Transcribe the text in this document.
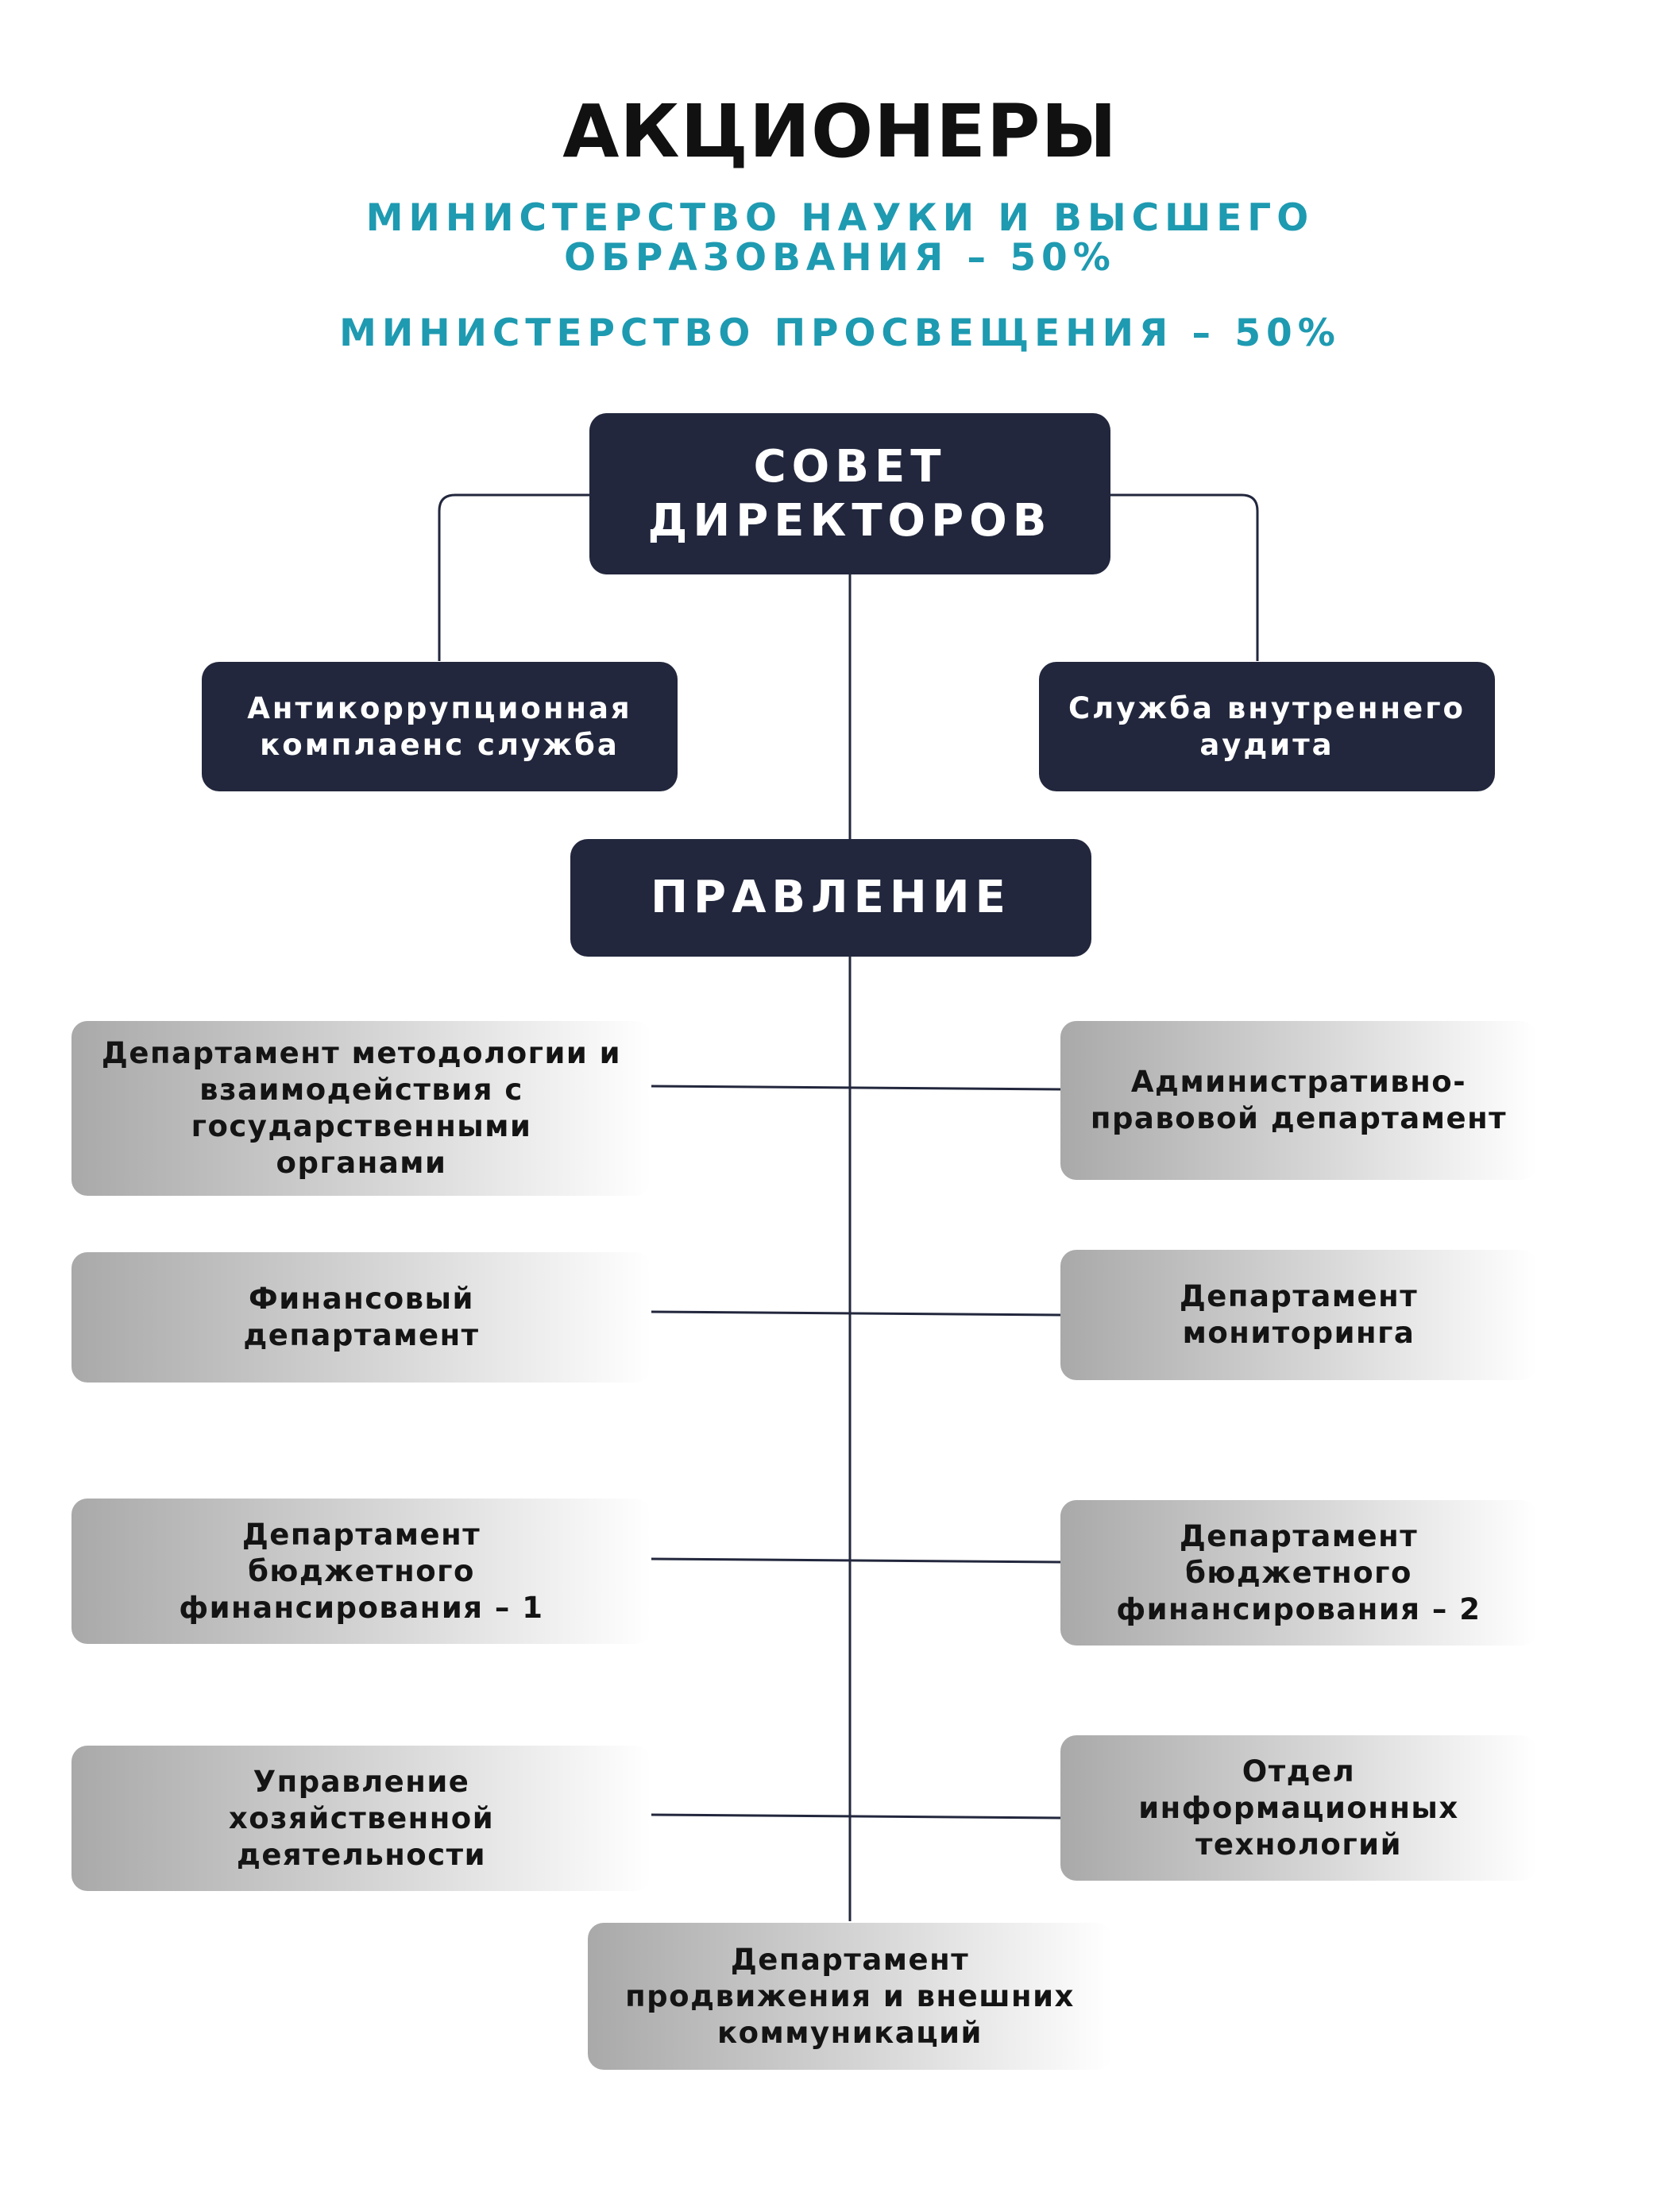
АКЦИОНЕРЫ
МИНИСТЕРСТВО НАУКИ И ВЫСШЕГО
ОБРАЗОВАНИЯ – 50%
МИНИСТЕРСТВО ПРОСВЕЩЕНИЯ – 50%
СОВЕТ
ДИРЕКТОРОВ
Антикоррупционная
комплаенс служба
Служба внутреннего
аудита
ПРАВЛЕНИЕ
Департамент методологии и
взаимодействия с
государственными
органами
Финансовый
департамент
Департамент
бюджетного
финансирования – 1
Управление
хозяйственной
деятельности
Административно-
правовой департамент
Департамент
мониторинга
Департамент
бюджетного
финансирования – 2
Отдел
информационных
технологий
Департамент
продвижения и внешних
коммуникаций
